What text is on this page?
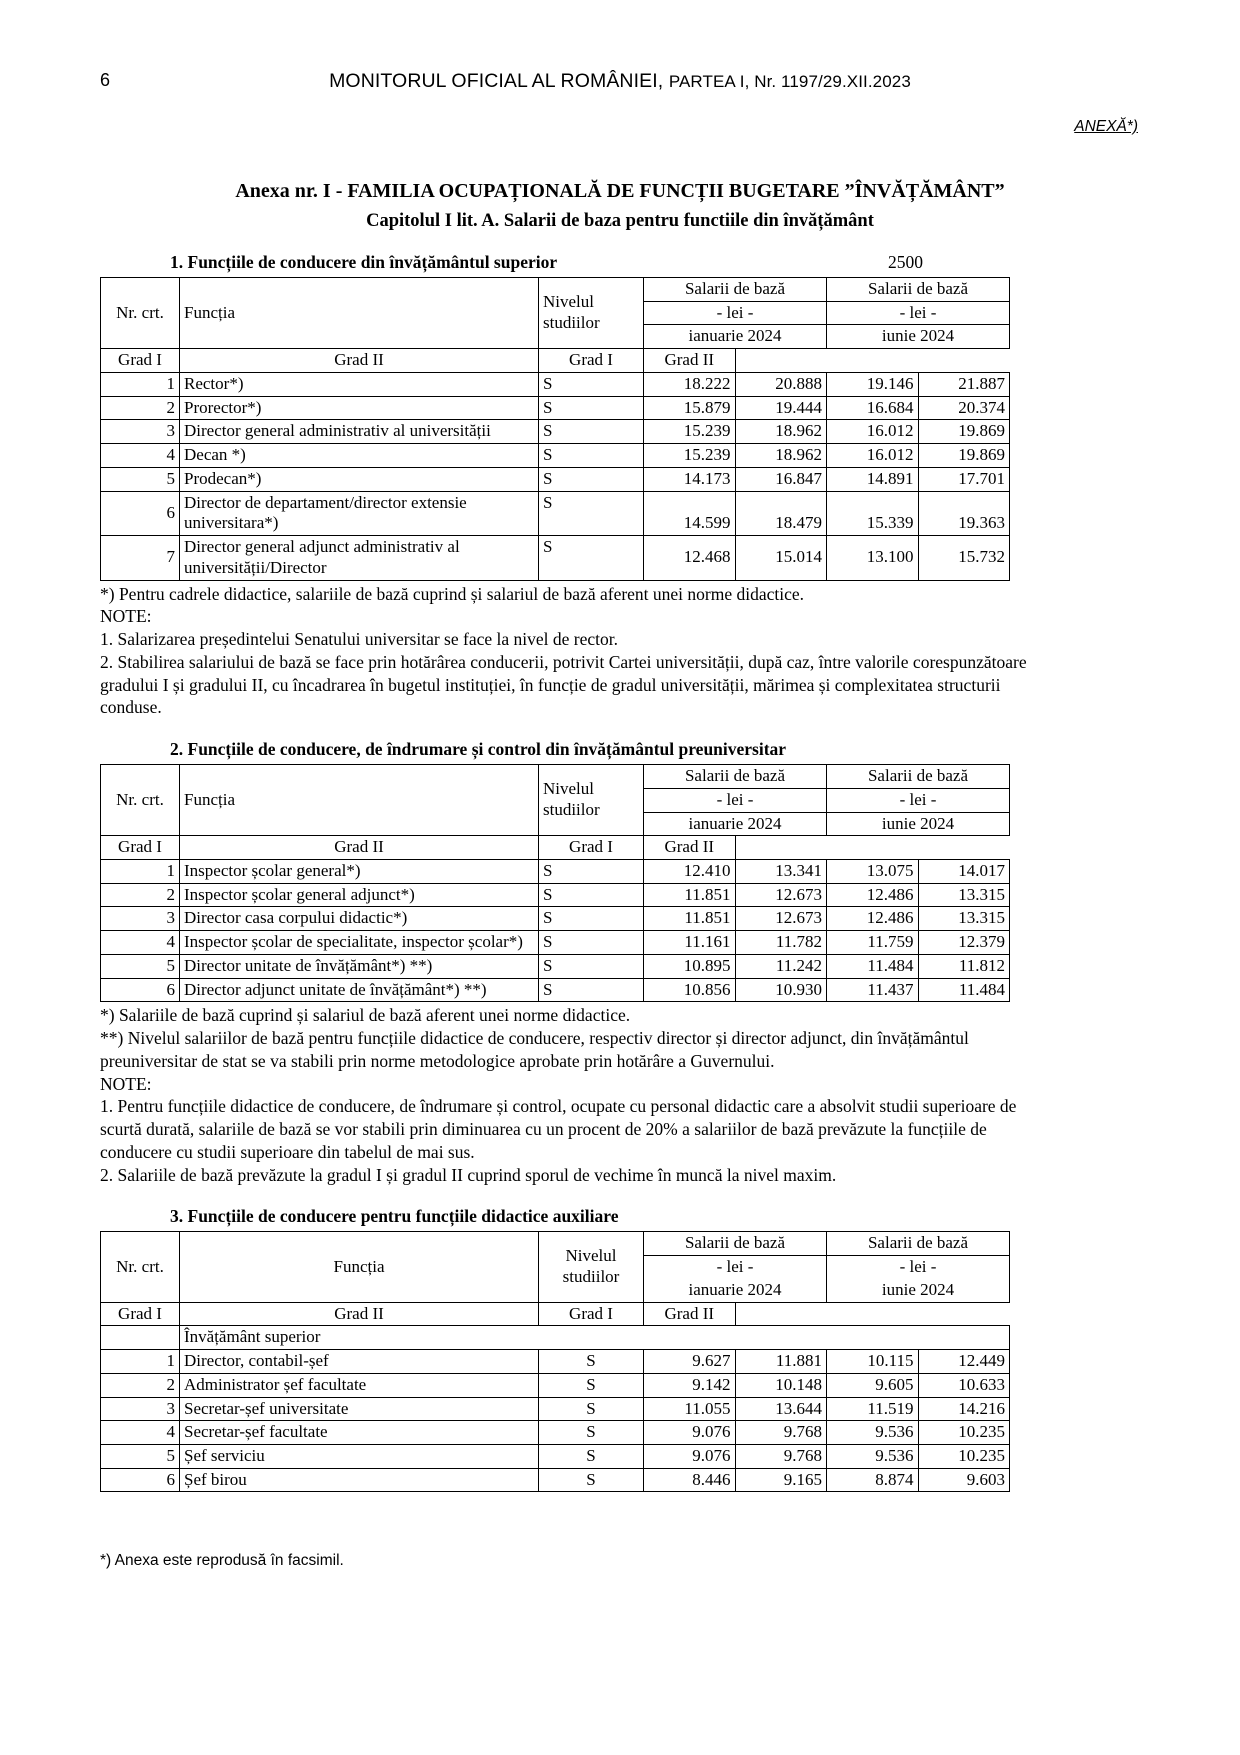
6	MONITORUL OFICIAL AL ROMÂNIEI, PARTEA I, Nr. 1197/29.XII.2023
ANEXĂ*)
Anexa nr. I - FAMILIA OCUPAȚIONALĂ DE FUNCȚII BUGETARE ”ÎNVĂȚĂMÂNT”
Capitolul I lit. A. Salarii de baza pentru functiile din învățământ
1. Funcțiile de conducere din învățământul superior	2500
Nr. crt.	Funcția	Nivelul studiilor	Salarii de bază		Salarii de bază	
			- lei -		- lei -	
			ianuarie 2024		iunie 2024	
Grad I	Grad II	Grad I	Grad II			
1	Rector*)	S	18.222	20.888	19.146	21.887
2	Prorector*)	S	15.879	19.444	16.684	20.374
3	Director general administrativ al universității	S	15.239	18.962	16.012	19.869
4	Decan *)	S	15.239	18.962	16.012	19.869
5	Prodecan*)	S	14.173	16.847	14.891	17.701
6	Director de departament/director extensie universitara*)	S	14.599	18.479	15.339	19.363
7	Director general adjunct administrativ al universității/Director	S	12.468	15.014	13.100	15.732

*) Pentru cadrele didactice, salariile de bază cuprind și salariul de bază aferent unei norme didactice.

NOTE:

1. Salarizarea președintelui Senatului universitar se face la nivel de rector.

2. Stabilirea salariului de bază se face prin hotărârea conducerii, potrivit Cartei universității, după caz, între valorile corespunzătoare gradului I și gradului II, cu încadrarea în bugetul instituției, în funcție de gradul universității, mărimea și complexitatea structurii conduse.

2. Funcțiile de conducere, de îndrumare și control din învățământul preuniversitar
Nr. crt.	Funcția	Nivelul studiilor	Salarii de bază		Salarii de bază	
			- lei -		- lei -	
			ianuarie 2024		iunie 2024	
Grad I	Grad II	Grad I	Grad II			
1	Inspector școlar general*)	S	12.410	13.341	13.075	14.017
2	Inspector școlar general adjunct*)	S	11.851	12.673	12.486	13.315
3	Director casa corpului didactic*)	S	11.851	12.673	12.486	13.315
4	Inspector școlar de specialitate, inspector școlar*)	S	11.161	11.782	11.759	12.379
5	Director unitate de învățământ*) **)	S	10.895	11.242	11.484	11.812
6	Director adjunct unitate de învățământ*) **)	S	10.856	10.930	11.437	11.484

*) Salariile de bază cuprind și salariul de bază aferent unei norme didactice.

**) Nivelul salariilor de bază pentru funcțiile didactice de conducere, respectiv director și director adjunct, din învățământul preuniversitar de stat se va stabili prin norme metodologice aprobate prin hotărâre a Guvernului.

NOTE:

1. Pentru funcțiile didactice de conducere, de îndrumare și control, ocupate cu personal didactic care a absolvit studii superioare de scurtă durată, salariile de bază se vor stabili prin diminuarea cu un procent de 20% a salariilor de bază prevăzute la funcțiile de conducere cu studii superioare din tabelul de mai sus.

2. Salariile de bază prevăzute la gradul I și gradul II cuprind sporul de vechime în muncă la nivel maxim.

3. Funcțiile de conducere pentru funcțiile didactice auxiliare
Nr. crt.	Funcția	Nivelul studiilor	Salarii de bază		Salarii de bază	
			- lei -		- lei -	
			ianuarie 2024		iunie 2024	
Grad I	Grad II	Grad I	Grad II			
	Învățământ superior					
1	Director, contabil-șef	S	9.627	11.881	10.115	12.449
2	Administrator șef facultate	S	9.142	10.148	9.605	10.633
3	Secretar-șef universitate	S	11.055	13.644	11.519	14.216
4	Secretar-șef facultate	S	9.076	9.768	9.536	10.235
5	Șef serviciu	S	9.076	9.768	9.536	10.235
6	Șef birou	S	8.446	9.165	8.874	9.603
*) Anexa este reprodusă în facsimil.
